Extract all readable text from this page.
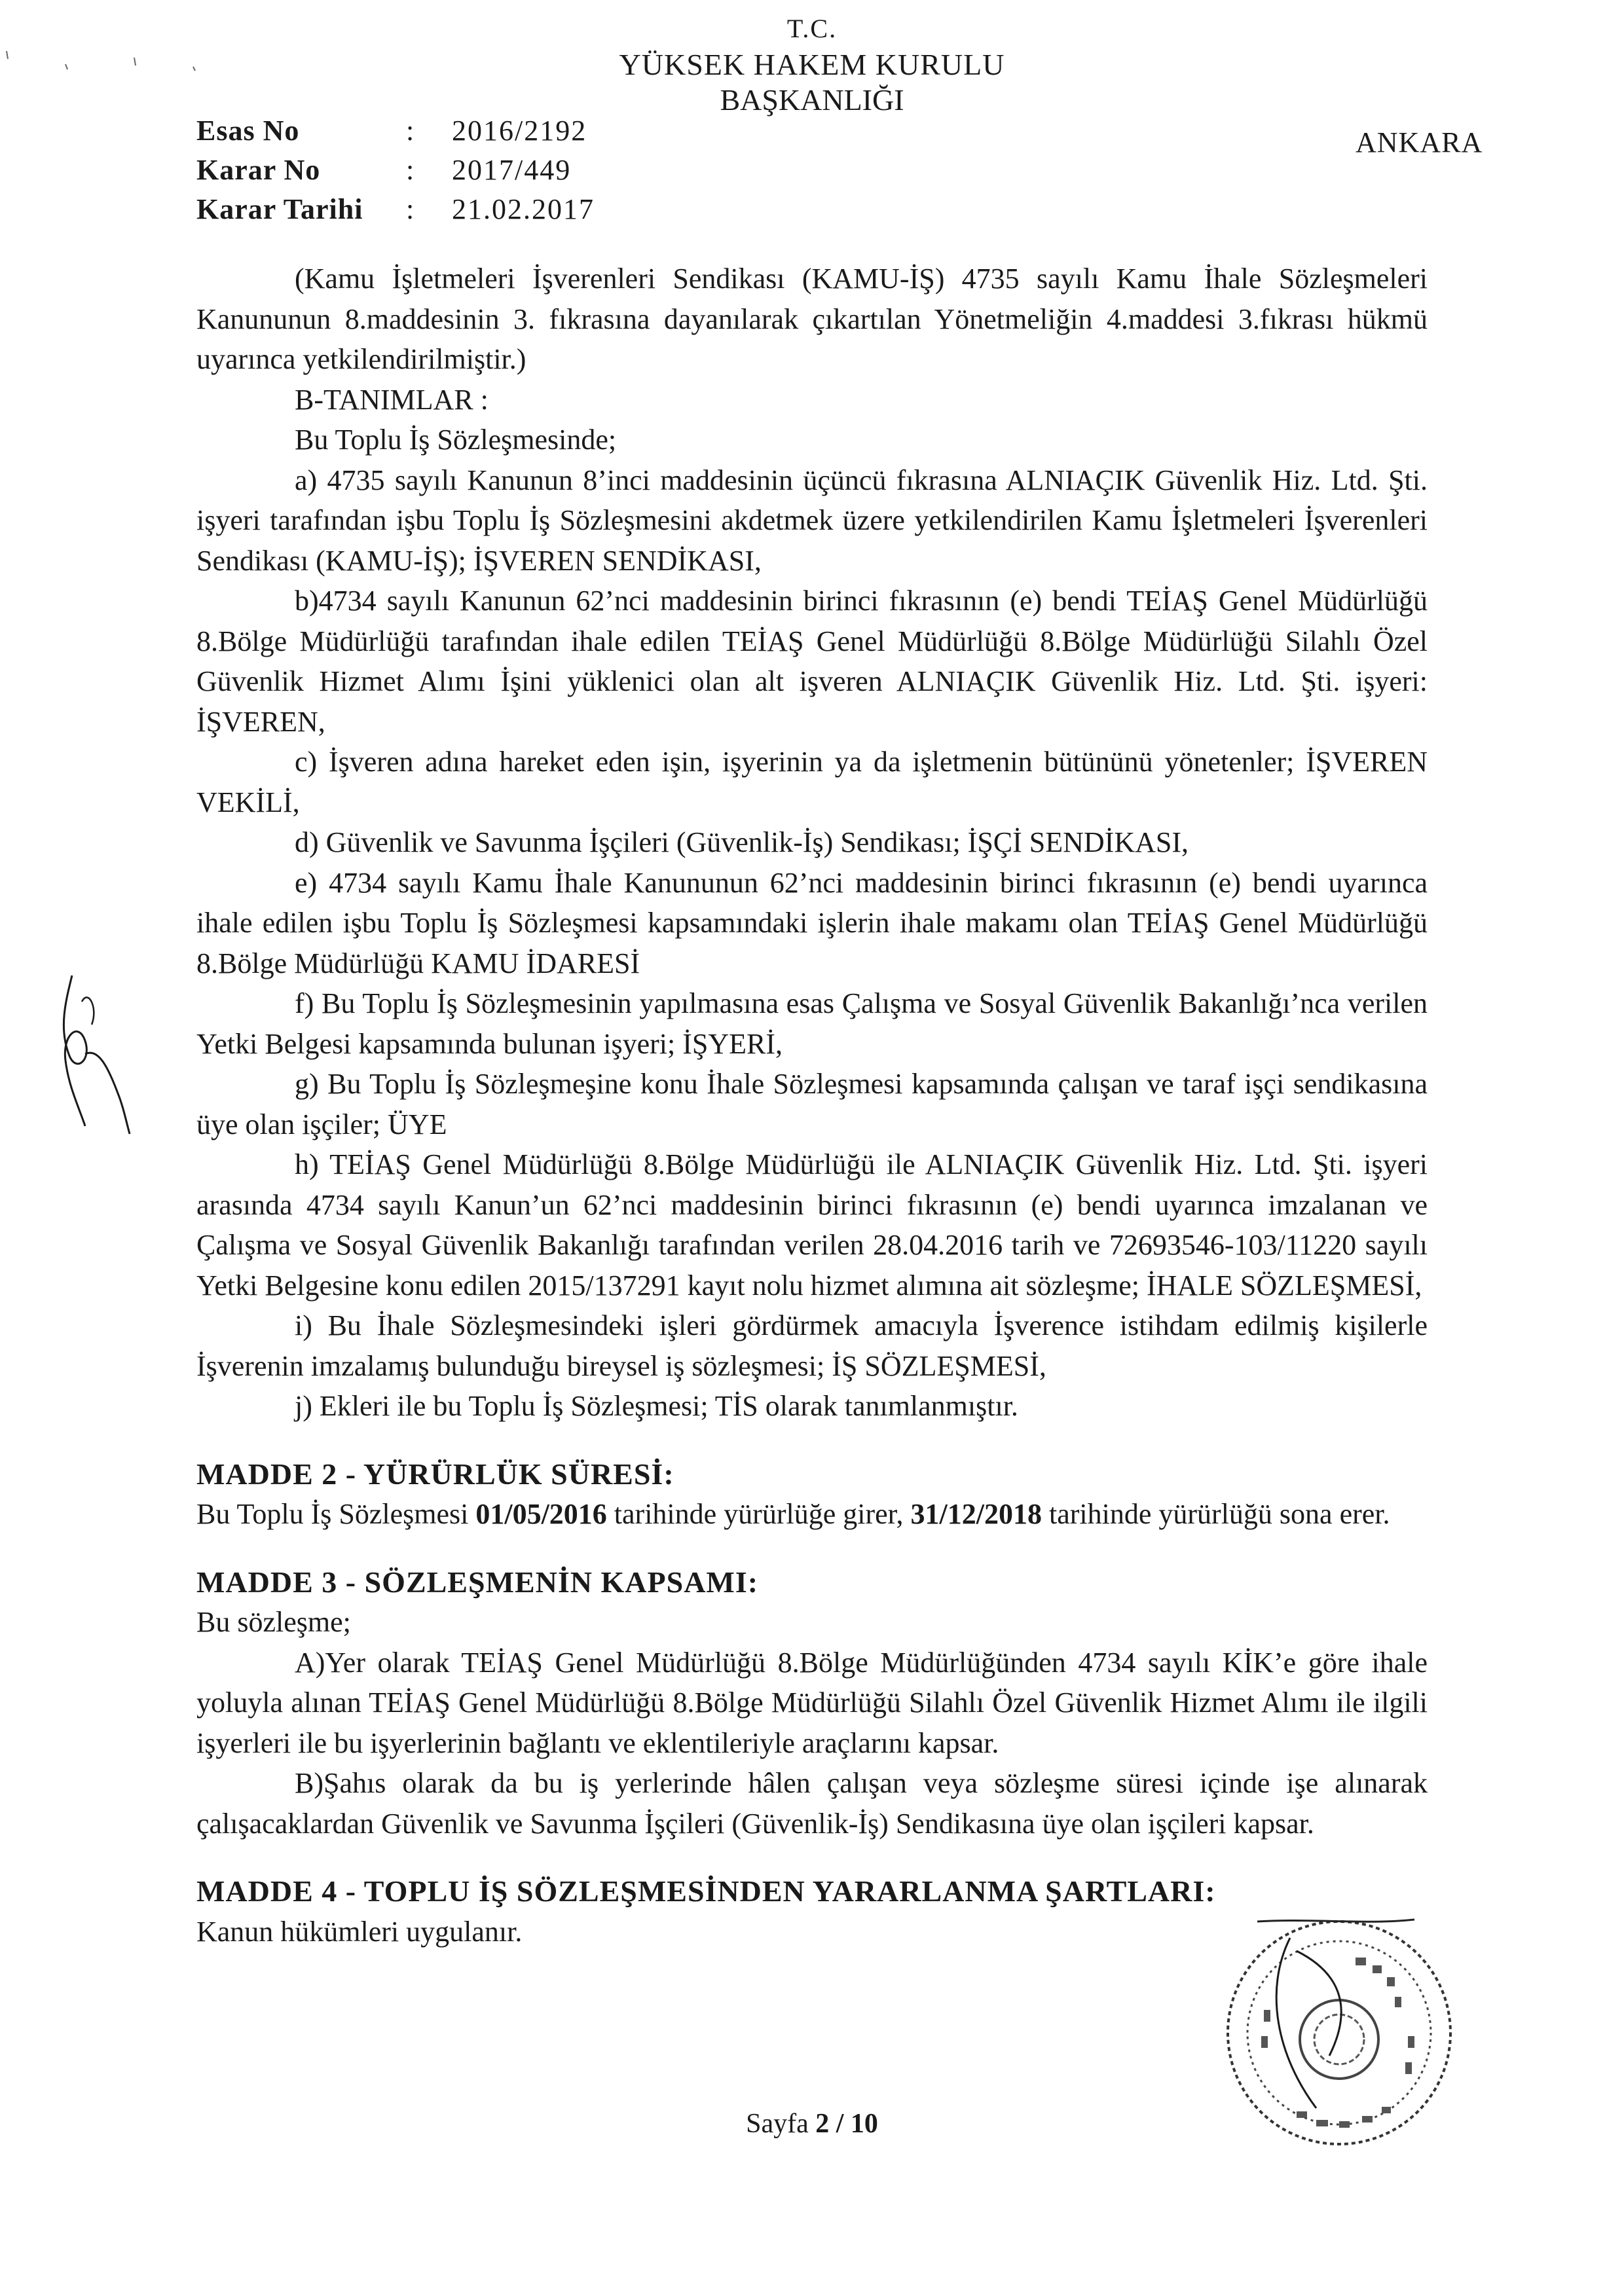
T.C.
YÜKSEK HAKEM KURULU
BAŞKANLIĞI
ANKARA
Esas No	:	2016/2192
Karar No	:	2017/449
Karar Tarihi	:	21.02.2017

(Kamu İşletmeleri İşverenleri Sendikası (KAMU-İŞ) 4735 sayılı Kamu İhale Sözleşmeleri Kanununun 8.maddesinin 3. fıkrasına dayanılarak çıkartılan Yönetmeliğin 4.maddesi 3.fıkrası hükmü uyarınca yetkilendirilmiştir.)

B-TANIMLAR :

Bu Toplu İş Sözleşmesinde;

a) 4735 sayılı Kanunun 8’inci maddesinin üçüncü fıkrasına ALNIAÇIK Güvenlik Hiz. Ltd. Şti. işyeri tarafından işbu Toplu İş Sözleşmesini akdetmek üzere yetkilendirilen Kamu İşletmeleri İşverenleri Sendikası (KAMU-İŞ); İŞVEREN SENDİKASI,

b)4734 sayılı Kanunun 62’nci maddesinin birinci fıkrasının (e) bendi TEİAŞ Genel Müdürlüğü 8.Bölge Müdürlüğü tarafından ihale edilen TEİAŞ Genel Müdürlüğü 8.Bölge Müdürlüğü Silahlı Özel Güvenlik Hizmet Alımı İşini yüklenici olan alt işveren ALNIAÇIK Güvenlik Hiz. Ltd. Şti. işyeri: İŞVEREN,

c) İşveren adına hareket eden işin, işyerinin ya da işletmenin bütününü yönetenler; İŞVEREN VEKİLİ,

d) Güvenlik ve Savunma İşçileri (Güvenlik-İş) Sendikası; İŞÇİ SENDİKASI,

e) 4734 sayılı Kamu İhale Kanununun 62’nci maddesinin birinci fıkrasının (e) bendi uyarınca ihale edilen işbu Toplu İş Sözleşmesi kapsamındaki işlerin ihale makamı olan TEİAŞ Genel Müdürlüğü 8.Bölge Müdürlüğü KAMU İDARESİ

f) Bu Toplu İş Sözleşmesinin yapılmasına esas Çalışma ve Sosyal Güvenlik Bakanlığı’nca verilen Yetki Belgesi kapsamında bulunan işyeri; İŞYERİ,

g) Bu Toplu İş Sözleşmeşine konu İhale Sözleşmesi kapsamında çalışan ve taraf işçi sendikasına üye olan işçiler; ÜYE

h) TEİAŞ Genel Müdürlüğü 8.Bölge Müdürlüğü ile ALNIAÇIK Güvenlik Hiz. Ltd. Şti. işyeri arasında 4734 sayılı Kanun’un 62’nci maddesinin birinci fıkrasının (e) bendi uyarınca imzalanan ve Çalışma ve Sosyal Güvenlik Bakanlığı tarafından verilen 28.04.2016 tarih ve 72693546-103/11220 sayılı Yetki Belgesine konu edilen 2015/137291 kayıt nolu hizmet alımına ait sözleşme; İHALE SÖZLEŞMESİ,

i) Bu İhale Sözleşmesindeki işleri gördürmek amacıyla İşverence istihdam edilmiş kişilerle İşverenin imzalamış bulunduğu bireysel iş sözleşmesi; İŞ SÖZLEŞMESİ,

j) Ekleri ile bu Toplu İş Sözleşmesi; TİS olarak tanımlanmıştır.

MADDE 2 - YÜRÜRLÜK SÜRESİ:

Bu Toplu İş Sözleşmesi 01/05/2016 tarihinde yürürlüğe girer, 31/12/2018 tarihinde yürürlüğü sona erer.

MADDE 3 - SÖZLEŞMENİN KAPSAMI:

Bu sözleşme;

A)Yer olarak TEİAŞ Genel Müdürlüğü 8.Bölge Müdürlüğünden 4734 sayılı KİK’e göre ihale yoluyla alınan TEİAŞ Genel Müdürlüğü 8.Bölge Müdürlüğü Silahlı Özel Güvenlik Hizmet Alımı ile ilgili işyerleri ile bu işyerlerinin bağlantı ve eklentileriyle araçlarını kapsar.

B)Şahıs olarak da bu iş yerlerinde hâlen çalışan veya sözleşme süresi içinde işe alınarak çalışacaklardan Güvenlik ve Savunma İşçileri (Güvenlik-İş) Sendikasına üye olan işçileri kapsar.

MADDE 4 - TOPLU İŞ SÖZLEŞMESİNDEN YARARLANMA ŞARTLARI:

Kanun hükümleri uygulanır.

Sayfa 2 / 10
